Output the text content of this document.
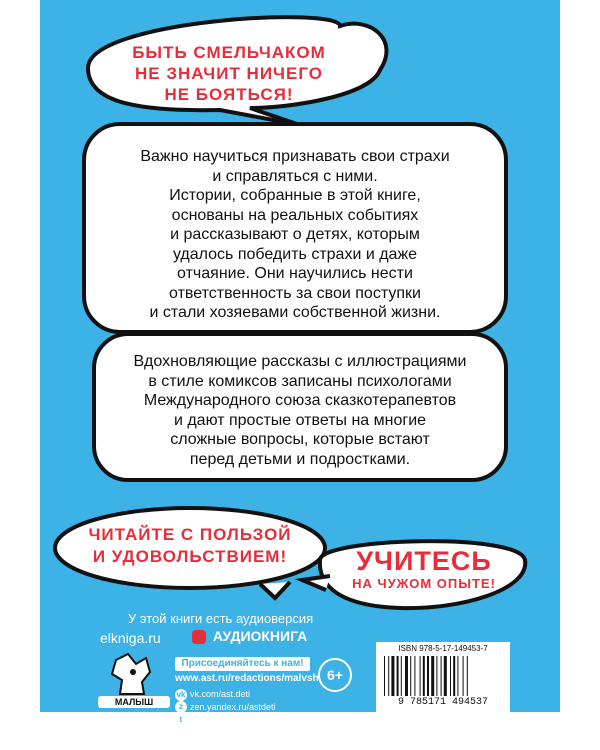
БЫТЬ СМЕЛЬЧАКОМ
НЕ ЗНАЧИТ НИЧЕГО
НЕ БОЯТЬСЯ!
Важно научиться признавать свои страхи
и справляться с ними.
Истории, собранные в этой книге,
основаны на реальных событиях
и рассказывают о детях, которым
удалось победить страхи и даже
отчаяние. Они научились нести
ответственность за свои поступки
и стали хозяевами собственной жизни.
Вдохновляющие рассказы с иллюстрациями
в стиле комиксов записаны психологами
Международного союза сказкотерапевтов
и дают простые ответы на многие
сложные вопросы, которые встают
перед детьми и подростками.
ЧИТАЙТЕ С ПОЛЬЗОЙ
И УДОВОЛЬСТВИЕМ!	УЧИТЕСЬ
НА ЧУЖОМ ОПЫТЕ!
У этой книги есть аудиоверсия
elkniga.ru	АУДИОКНИГА
МАЛЫШ
Присоединяйтесь к нам!
www.ast.ru/redactions/malvsh
vk vk.com/ast.deti
z zen.yandex.ru/astdeti
t t.me/astdeti
6+
ISBN 978-5-17-149453-7
9 785171 494537
